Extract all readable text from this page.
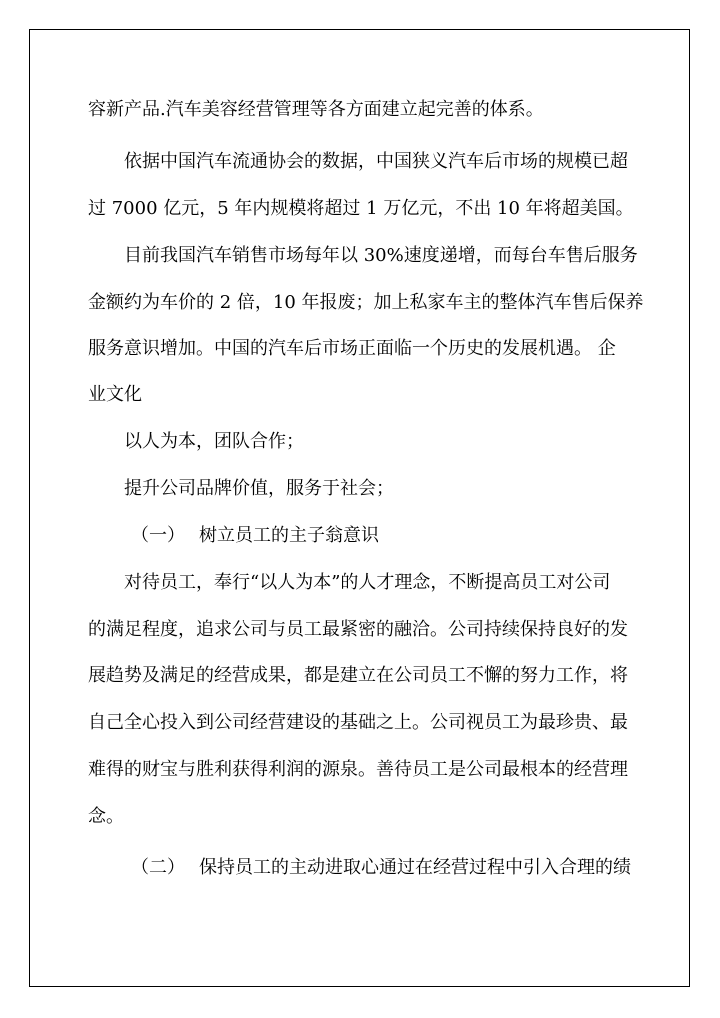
容新产品.汽车美容经营管理等各方面建立起完善的体系。
依据中国汽车流通协会的数据，中国狭义汽车后市场的规模已超
过 7000 亿元，5 年内规模将超过 1 万亿元，不出 10 年将超美国。
目前我国汽车销售市场每年以 30%速度递增，而每台车售后服务
金额约为车价的 2 倍，10 年报废；加上私家车主的整体汽车售后保养
服务意识增加。中国的汽车后市场正面临一个历史的发展机遇。 企
业文化
以人为本，团队合作；
提升公司品牌价值，服务于社会；
（一） 树立员工的主子翁意识
对待员工，奉行“以人为本”的人才理念，不断提高员工对公司
的满足程度，追求公司与员工最紧密的融洽。公司持续保持良好的发
展趋势及满足的经营成果，都是建立在公司员工不懈的努力工作，将
自己全心投入到公司经营建设的基础之上。公司视员工为最珍贵、最
难得的财宝与胜利获得利润的源泉。善待员工是公司最根本的经营理
念。
（二） 保持员工的主动进取心通过在经营过程中引入合理的绩
